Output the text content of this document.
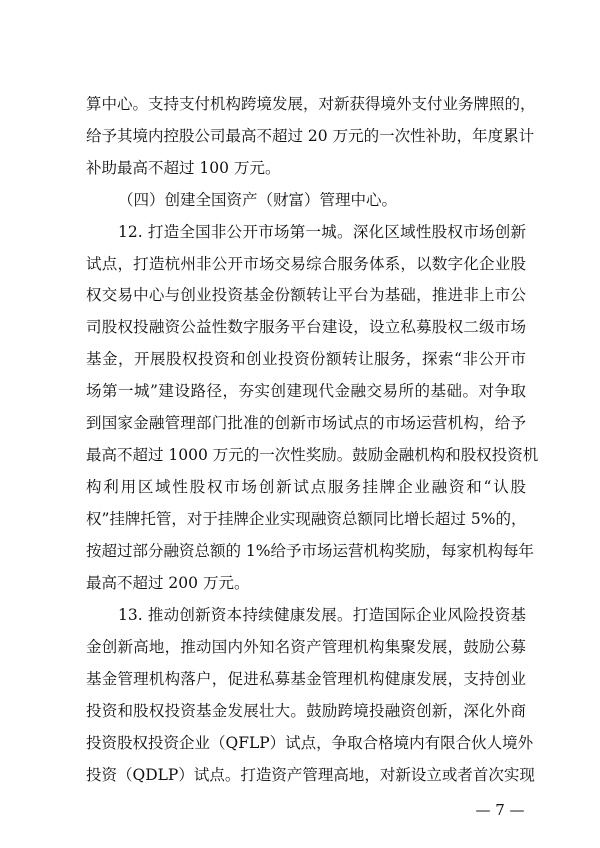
算中心。支持支付机构跨境发展，对新获得境外支付业务牌照的，
给予其境内控股公司最高不超过 20 万元的一次性补助，年度累计
补助最高不超过 100 万元。
（四）创建全国资产（财富）管理中心。
12. 打造全国非公开市场第一城。深化区域性股权市场创新
试点，打造杭州非公开市场交易综合服务体系，以数字化企业股
权交易中心与创业投资基金份额转让平台为基础，推进非上市公
司股权投融资公益性数字服务平台建设，设立私募股权二级市场
基金，开展股权投资和创业投资份额转让服务，探索“非公开市
场第一城”建设路径，夯实创建现代金融交易所的基础。对争取
到国家金融管理部门批准的创新市场试点的市场运营机构，给予
最高不超过 1000 万元的一次性奖励。鼓励金融机构和股权投资机
构利用区域性股权市场创新试点服务挂牌企业融资和“认股
权”挂牌托管，对于挂牌企业实现融资总额同比增长超过 5%的，
按超过部分融资总额的 1%给予市场运营机构奖励，每家机构每年
最高不超过 200 万元。
13. 推动创新资本持续健康发展。打造国际企业风险投资基
金创新高地，推动国内外知名资产管理机构集聚发展，鼓励公募
基金管理机构落户，促进私募基金管理机构健康发展，支持创业
投资和股权投资基金发展壮大。鼓励跨境投融资创新，深化外商
投资股权投资企业（QFLP）试点，争取合格境内有限合伙人境外
投资（QDLP）试点。打造资产管理高地，对新设立或者首次实现
— 7 —
